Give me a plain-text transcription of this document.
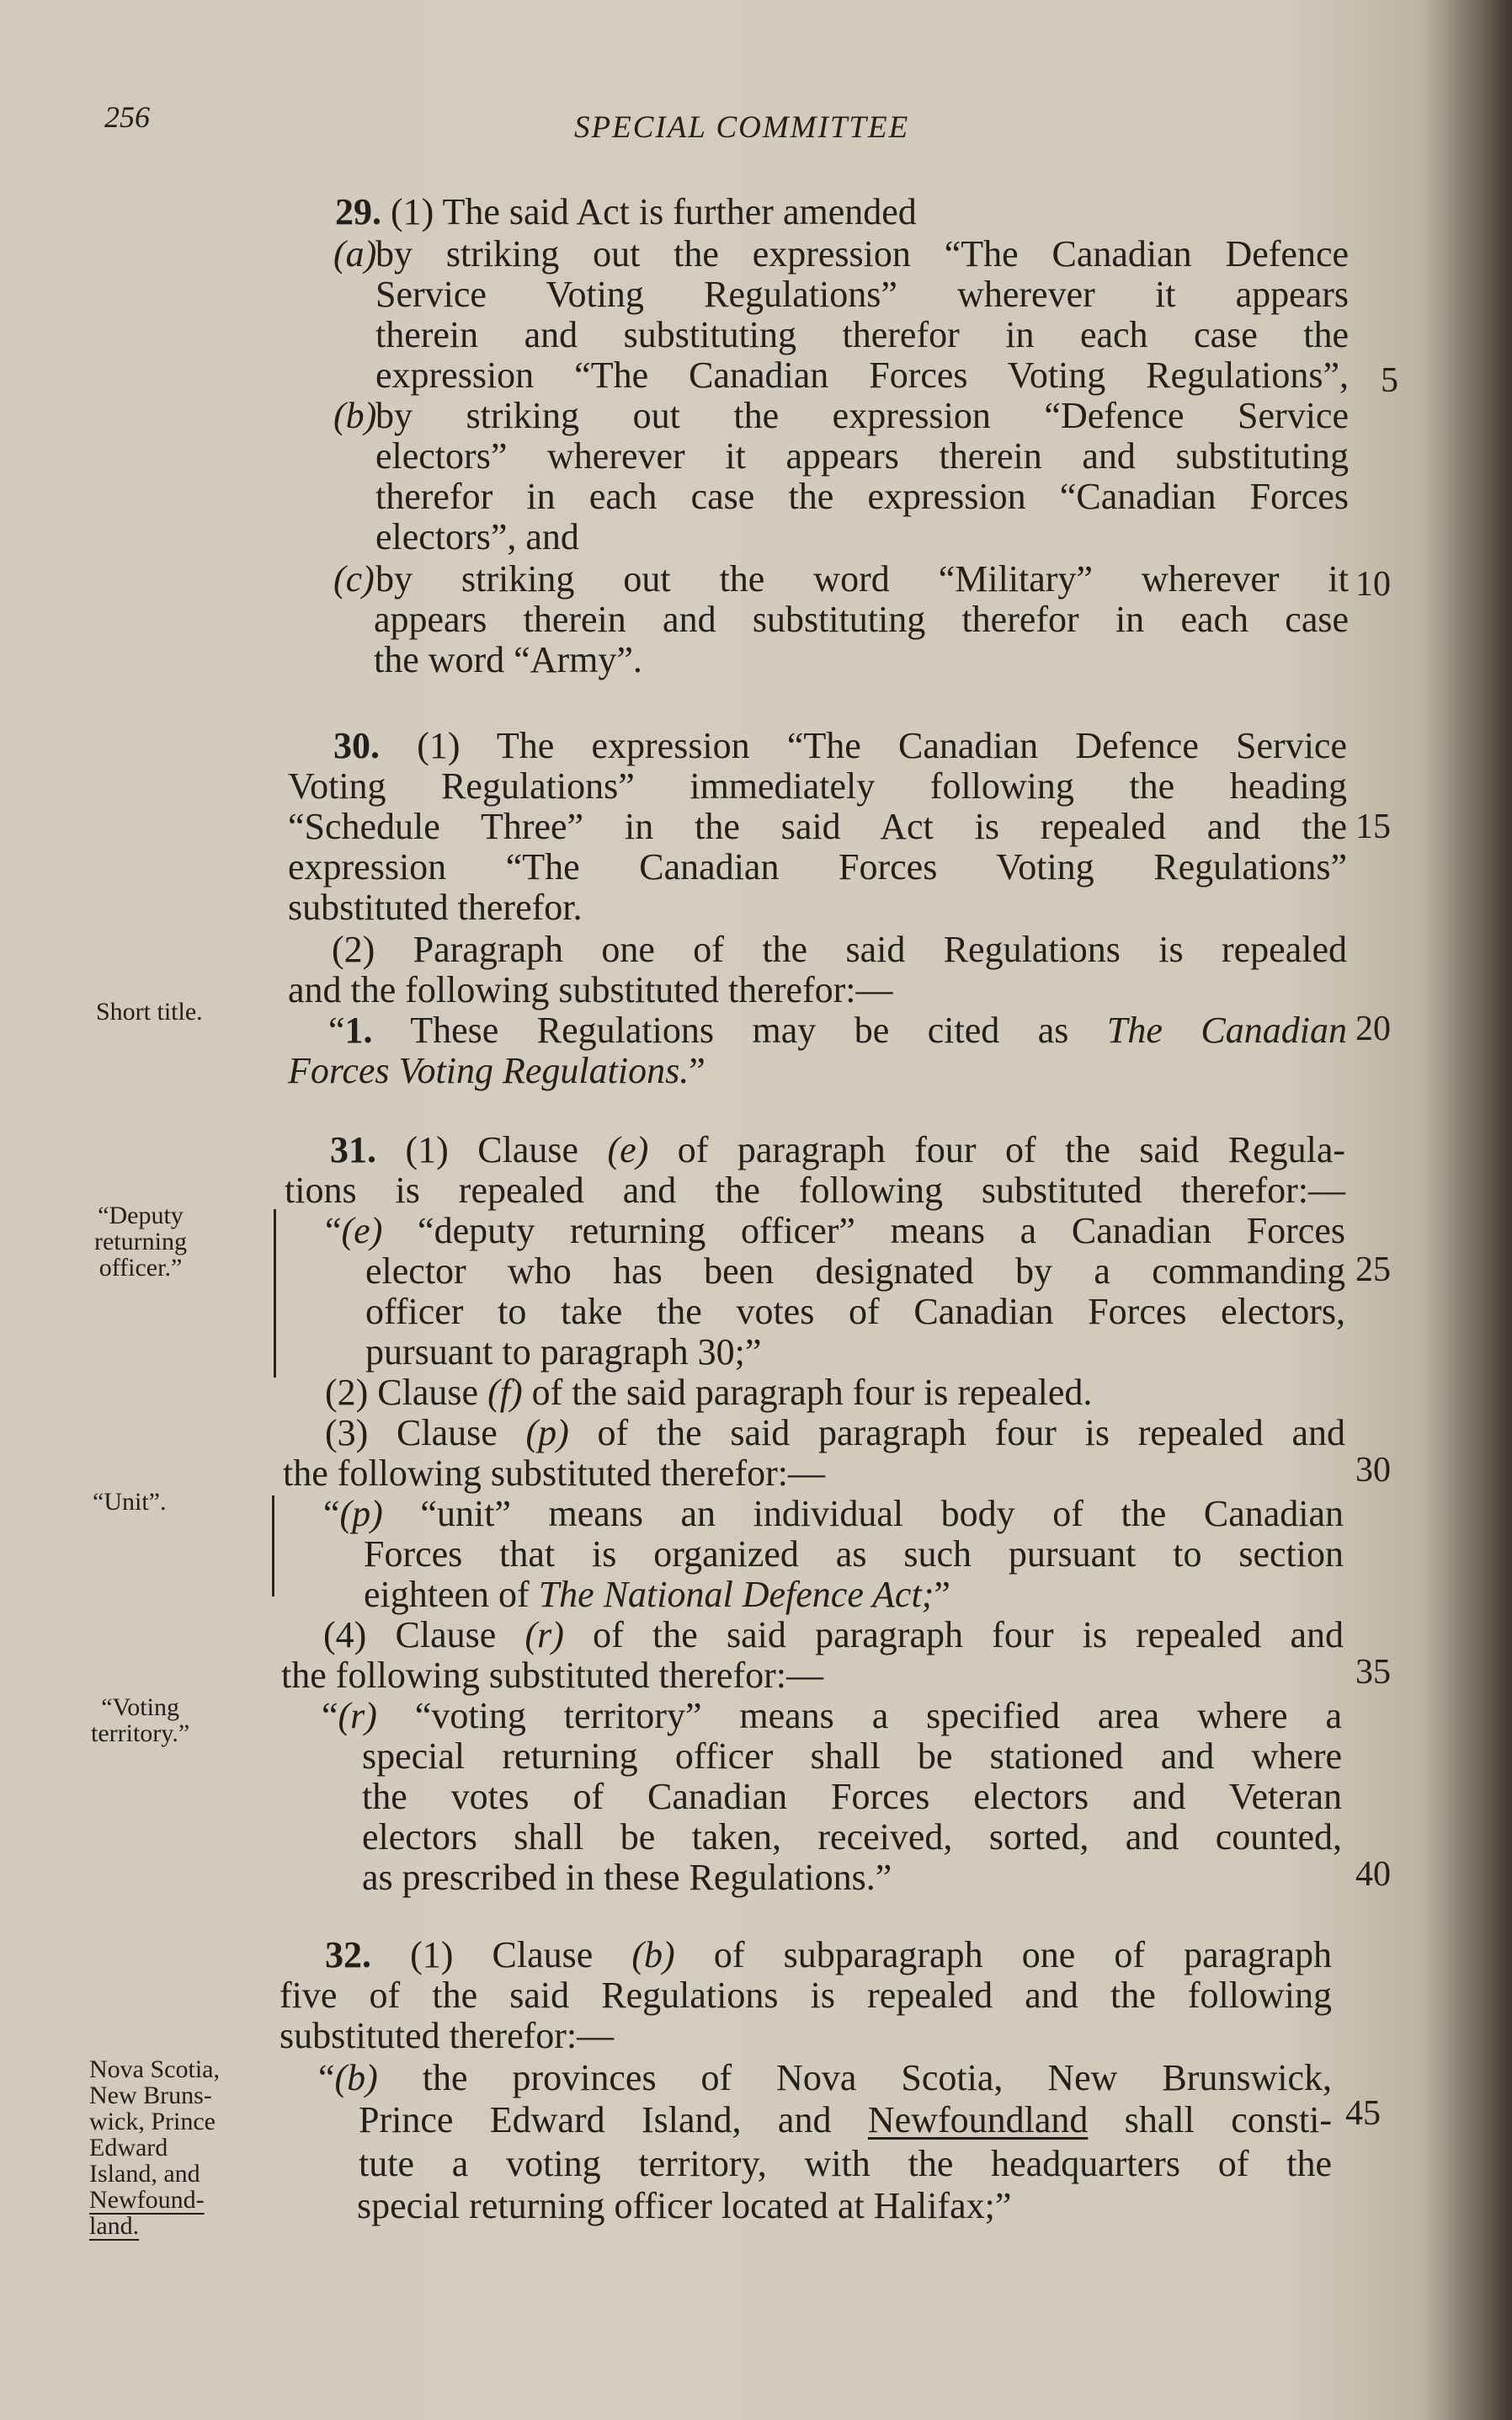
256	SPECIAL COMMITTEE
29. (1) The said Act is further amended
(a)
by striking out the expression “The Canadian Defence
Service Voting Regulations” wherever it appears
therein and substituting therefor in each case the
expression “The Canadian Forces Voting Regulations”,
(b)
by striking out the expression “Defence Service
electors” wherever it appears therein and substituting
therefor in each case the expression “Canadian Forces
electors”, and
(c) by striking out the word “Military” wherever it
appears therein and substituting therefor in each case
the word “Army”.
30. (1) The expression “The Canadian Defence Service
Voting Regulations” immediately following the heading
“Schedule Three” in the said Act is repealed and the
expression “The Canadian Forces Voting Regulations”
substituted therefor.
(2) Paragraph one of the said Regulations is repealed
and the following substituted therefor:—
“1. These Regulations may be cited as The Canadian
Forces Voting Regulations.”
31. (1) Clause (e) of paragraph four of the said Regula-
tions is repealed and the following substituted therefor:—
“(e) “deputy returning officer” means a Canadian Forces
elector who has been designated by a commanding
officer to take the votes of Canadian Forces electors,
pursuant to paragraph 30;”
(2) Clause (f) of the said paragraph four is repealed.
(3) Clause (p) of the said paragraph four is repealed and
the following substituted therefor:—
“(p) “unit” means an individual body of the Canadian
Forces that is organized as such pursuant to section
eighteen of The National Defence Act;”
(4) Clause (r) of the said paragraph four is repealed and
the following substituted therefor:—
“(r) “voting territory” means a specified area where a
special returning officer shall be stationed and where
the votes of Canadian Forces electors and Veteran
electors shall be taken, received, sorted, and counted,
as prescribed in these Regulations.”
32. (1) Clause (b) of subparagraph one of paragraph
five of the said Regulations is repealed and the following
substituted therefor:—
“(b) the provinces of Nova Scotia, New Brunswick,
Prince Edward Island, and Newfoundland shall consti-
tute a voting territory, with the headquarters of the
special returning officer located at Halifax;”
5
10
15
20
25
30
35
40
45
Short title.
“Deputy
returning
officer.”
“Unit”.
“Voting
territory.”
Nova Scotia,
New Bruns-
wick, Prince
Edward
Island, and
Newfound-
land.
